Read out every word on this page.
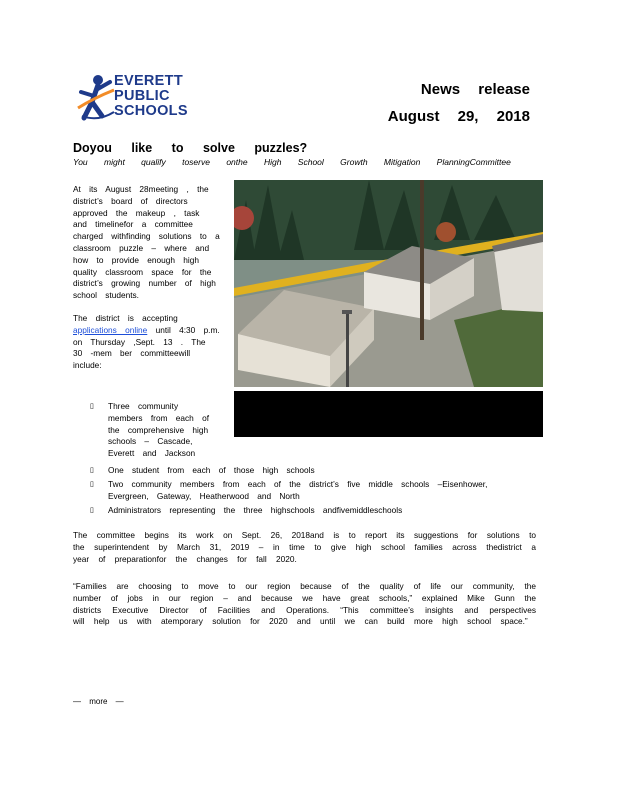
EVERETT
PUBLIC
SCHOOLS
News release
August 29, 2018
Doyou like to solve puzzles?
You might qualify toserve onthe High School Growth Mitigation PlanningCommittee

At its August 28meeting , the district’s board of directors approved the makeup , task and timelinefor a committee charged withfinding solutions to a classroom puzzle – where and how to provide enough high quality classroom space for the district’s growing number of high school students.

The district is accepting applications online until 4:30 p.m. on Thursday ,Sept. 13 . The 30 -mem ber committeewill include:

▯ Three community members from each of the comprehensive high schools – Cascade, Everett and Jackson
▯ One student from each of those high schools
▯ Two community members from each of the district’s five middle schools –Eisenhower, Evergreen, Gateway, Heatherwood and North
▯ Administrators representing the three highschools andfivemiddleschools

The committee begins its work on Sept. 26, 2018and is to report its suggestions for solutions to the superintendent by March 31, 2019 – in time to give high school families across thedistrict a year of preparationfor the changes for fall 2020.

“Families are choosing to move to our region because of the quality of life our community, the number of jobs in our region – and because we have great schools,” explained Mike Gunn the districts Executive Director of Facilities and Operations. “This committee’s insights and perspectives will help us with atemporary solution for 2020 and until we can build more high school space.”

— more —
